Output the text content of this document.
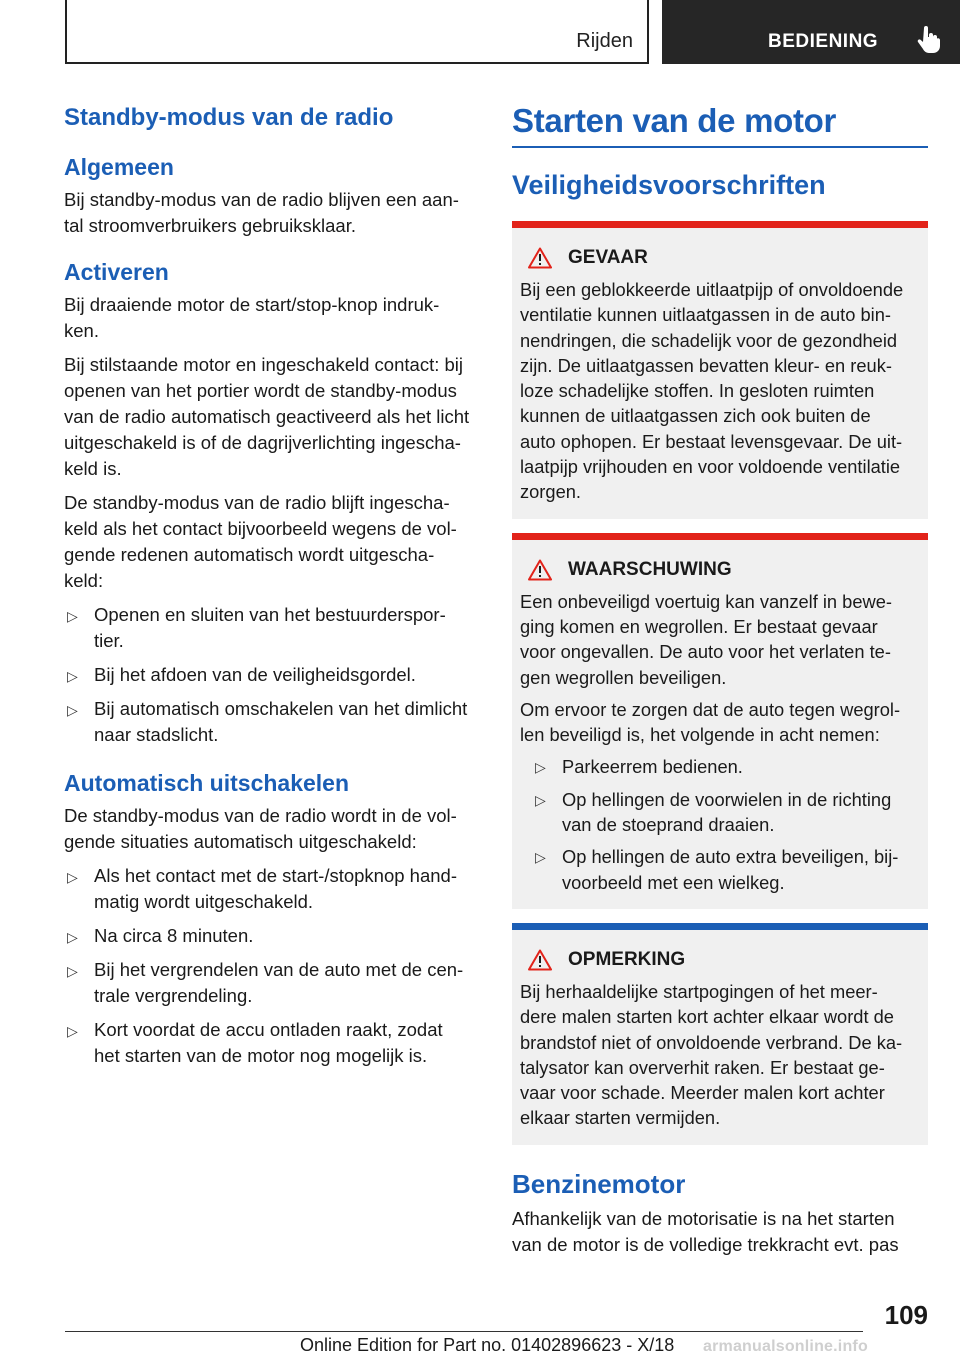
Rijden	BEDIENING
Standby-modus van de radio
Algemeen

Bij standby-modus van de radio blijven een aan-
tal stroomverbruikers gebruiksklaar.

Activeren

Bij draaiende motor de start/stop-knop indruk-
ken.

Bij stilstaande motor en ingeschakeld contact: bij
openen van het portier wordt de standby-modus
van de radio automatisch geactiveerd als het licht
uitgeschakeld is of de dagrijverlichting ingescha-
keld is.

De standby-modus van de radio blijft ingescha-
keld als het contact bijvoorbeeld wegens de vol-
gende redenen automatisch wordt uitgescha-
keld:

▷ Openen en sluiten van het bestuurderspor-
tier.
▷ Bij het afdoen van de veiligheidsgordel.
▷ Bij automatisch omschakelen van het dimlicht
naar stadslicht.
Automatisch uitschakelen

De standby-modus van de radio wordt in de vol-
gende situaties automatisch uitgeschakeld:

▷ Als het contact met de start-/stopknop hand-
matig wordt uitgeschakeld.
▷ Na circa 8 minuten.
▷ Bij het vergrendelen van de auto met de cen-
trale vergrendeling.
▷ Kort voordat de accu ontladen raakt, zodat
het starten van de motor nog mogelijk is.
Starten van de motor
Veiligheidsvoorschriften
GEVAAR

Bij een geblokkeerde uitlaatpijp of onvoldoende
ventilatie kunnen uitlaatgassen in de auto bin-
nendringen, die schadelijk voor de gezondheid
zijn. De uitlaatgassen bevatten kleur- en reuk-
loze schadelijke stoffen. In gesloten ruimten
kunnen de uitlaatgassen zich ook buiten de
auto ophopen. Er bestaat levensgevaar. De uit-
laatpijp vrijhouden en voor voldoende ventilatie
zorgen.

WAARSCHUWING

Een onbeveiligd voertuig kan vanzelf in bewe-
ging komen en wegrollen. Er bestaat gevaar
voor ongevallen. De auto voor het verlaten te-
gen wegrollen beveiligen.

Om ervoor te zorgen dat de auto tegen wegrol-
len beveiligd is, het volgende in acht nemen:

▷ Parkeerrem bedienen.
▷ Op hellingen de voorwielen in de richting
van de stoeprand draaien.
▷ Op hellingen de auto extra beveiligen, bij-
voorbeeld met een wielkeg.
OPMERKING

Bij herhaaldelijke startpogingen of het meer-
dere malen starten kort achter elkaar wordt de
brandstof niet of onvoldoende verbrand. De ka-
talysator kan oververhit raken. Er bestaat ge-
vaar voor schade. Meerder malen kort achter
elkaar starten vermijden.

Benzinemotor

Afhankelijk van de motorisatie is na het starten
van de motor is de volledige trekkracht evt. pas

109
Online Edition for Part no. 01402896623 - X/18 armanualsonline.info
